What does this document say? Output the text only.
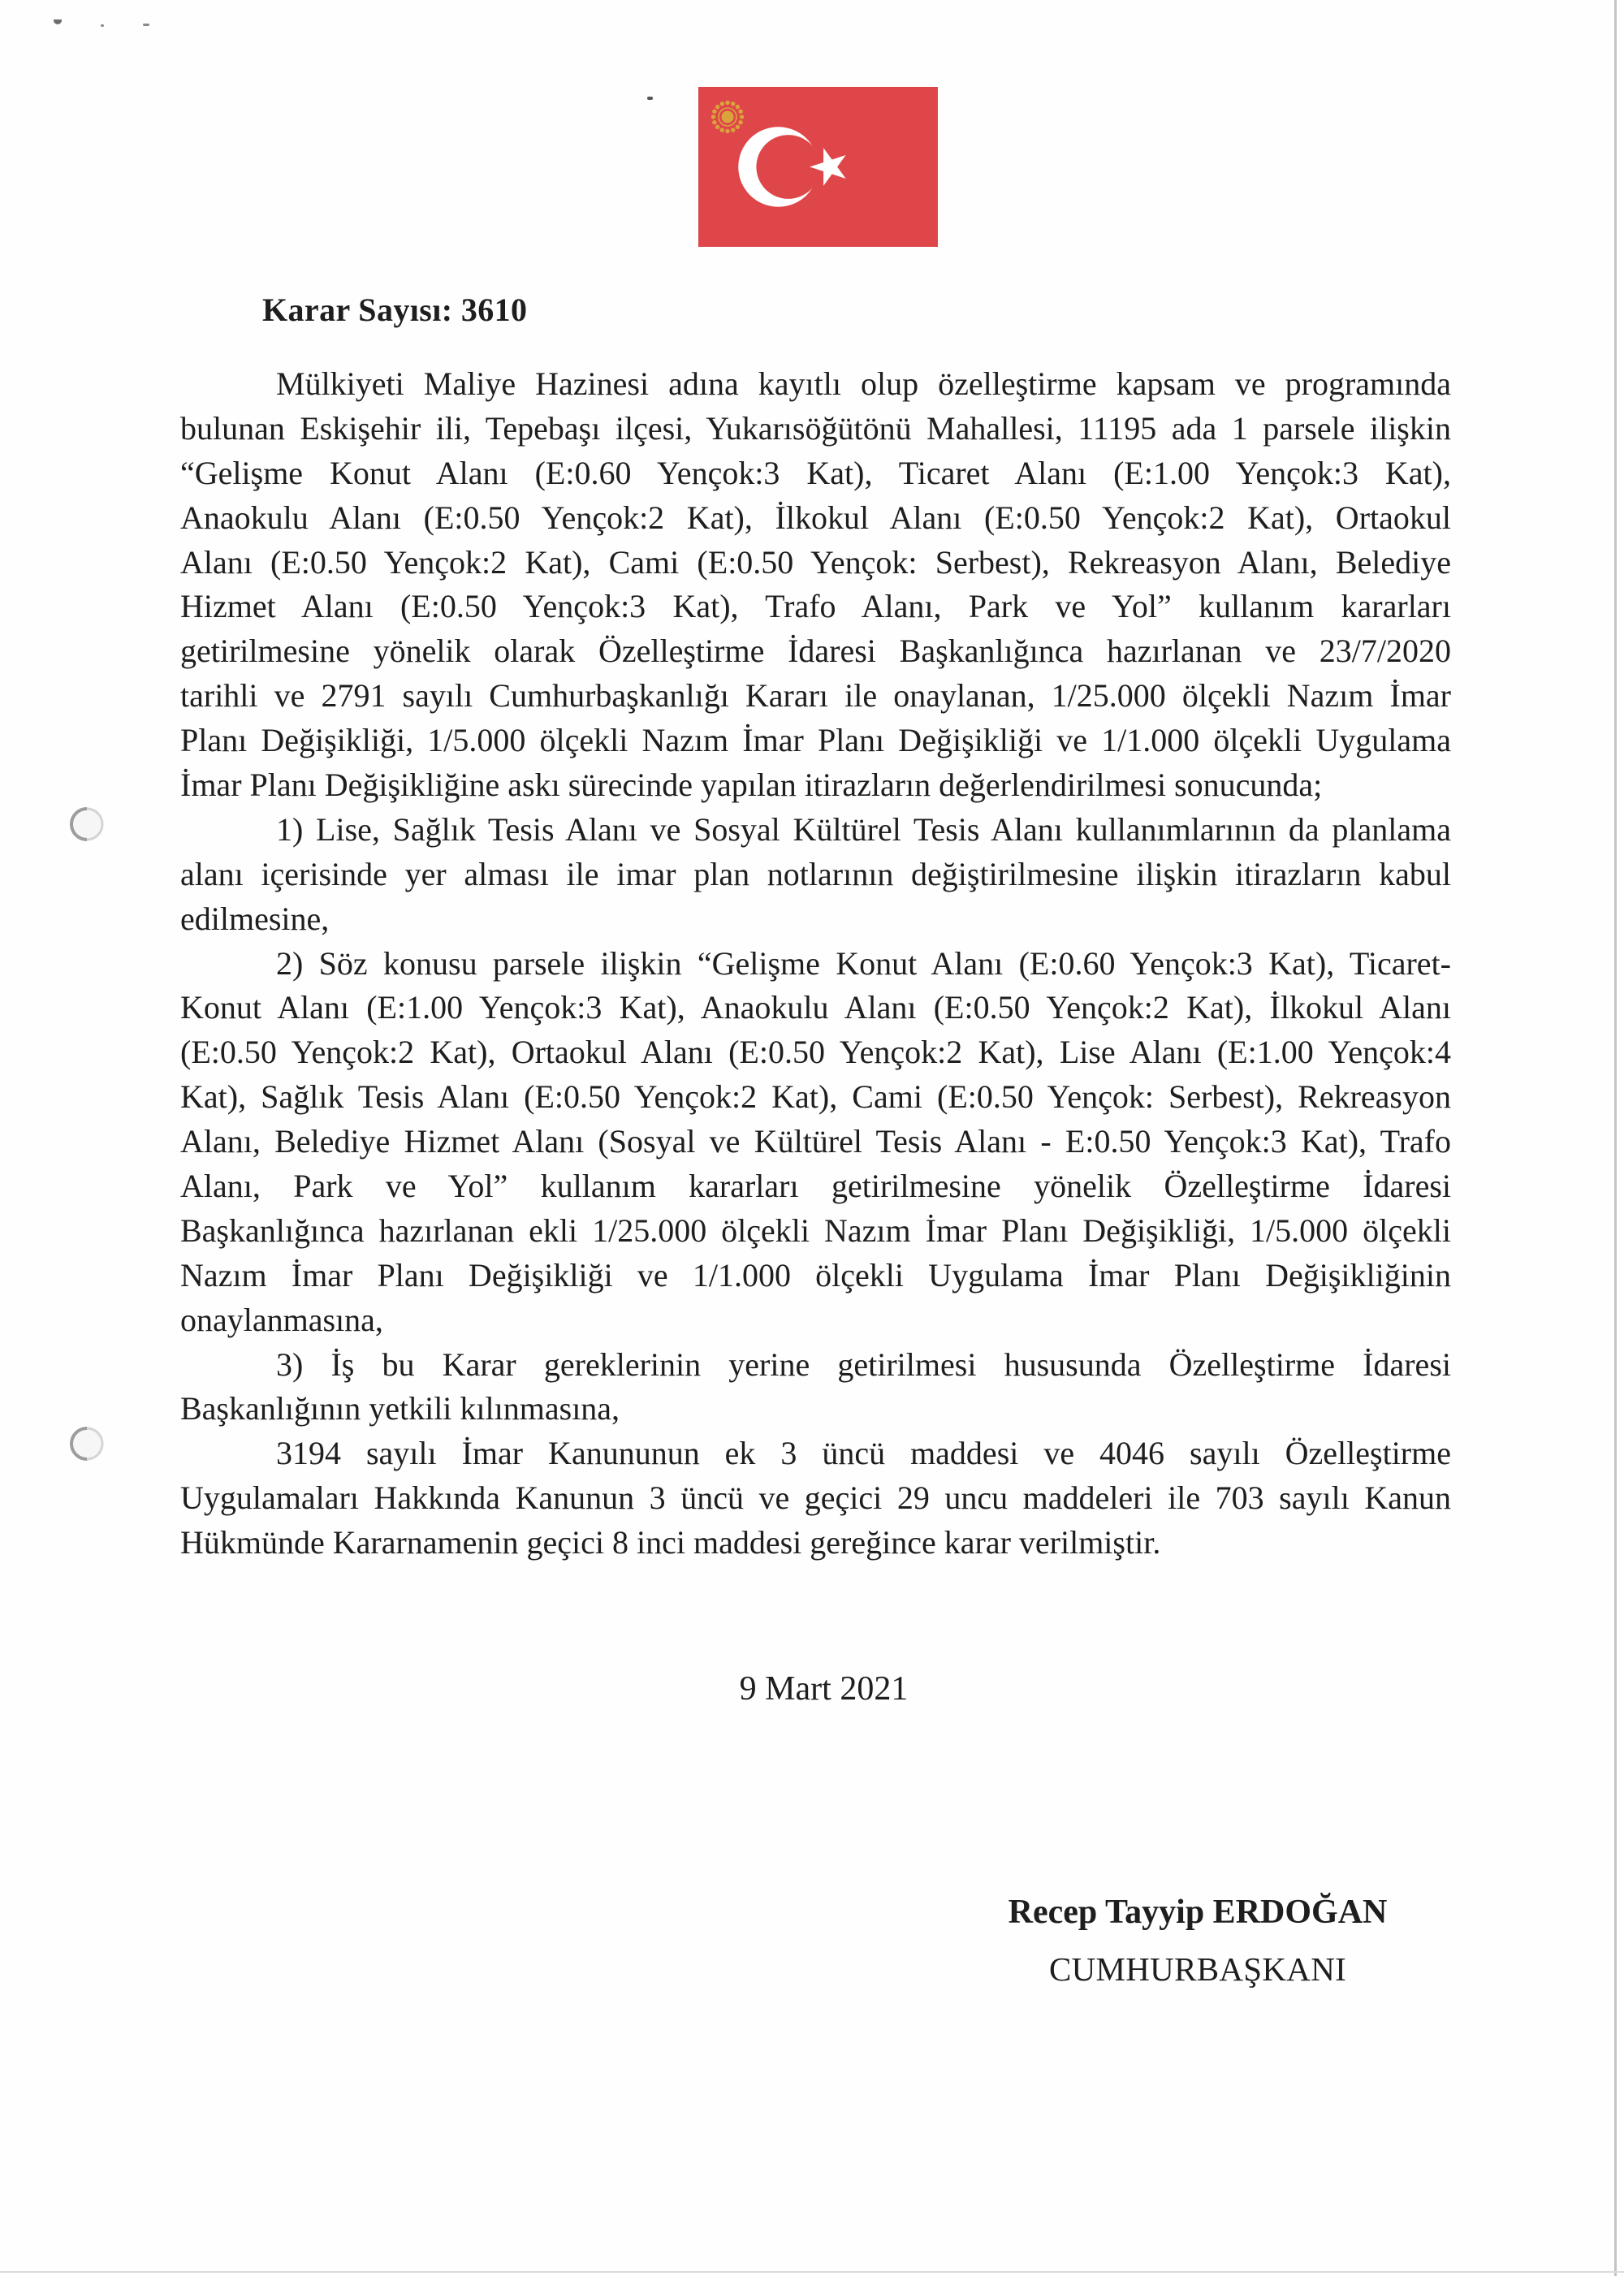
Karar Sayısı: 3610
Mülkiyeti Maliye Hazinesi adına kayıtlı olup özelleştirme kapsam ve programında
bulunan Eskişehir ili, Tepebaşı ilçesi, Yukarısöğütönü Mahallesi, 11195 ada 1 parsele ilişkin
“Gelişme Konut Alanı (E:0.60 Yençok:3 Kat), Ticaret Alanı (E:1.00 Yençok:3 Kat),
Anaokulu Alanı (E:0.50 Yençok:2 Kat), İlkokul Alanı (E:0.50 Yençok:2 Kat), Ortaokul
Alanı (E:0.50 Yençok:2 Kat), Cami (E:0.50 Yençok: Serbest), Rekreasyon Alanı, Belediye
Hizmet Alanı (E:0.50 Yençok:3 Kat), Trafo Alanı, Park ve Yol” kullanım kararları
getirilmesine yönelik olarak Özelleştirme İdaresi Başkanlığınca hazırlanan ve 23/7/2020
tarihli ve 2791 sayılı Cumhurbaşkanlığı Kararı ile onaylanan, 1/25.000 ölçekli Nazım İmar
Planı Değişikliği, 1/5.000 ölçekli Nazım İmar Planı Değişikliği ve 1/1.000 ölçekli Uygulama
İmar Planı Değişikliğine askı sürecinde yapılan itirazların değerlendirilmesi sonucunda;
1) Lise, Sağlık Tesis Alanı ve Sosyal Kültürel Tesis Alanı kullanımlarının da planlama
alanı içerisinde yer alması ile imar plan notlarının değiştirilmesine ilişkin itirazların kabul
edilmesine,
2) Söz konusu parsele ilişkin “Gelişme Konut Alanı (E:0.60 Yençok:3 Kat), Ticaret-
Konut Alanı (E:1.00 Yençok:3 Kat), Anaokulu Alanı (E:0.50 Yençok:2 Kat), İlkokul Alanı
(E:0.50 Yençok:2 Kat), Ortaokul Alanı (E:0.50 Yençok:2 Kat), Lise Alanı (E:1.00 Yençok:4
Kat), Sağlık Tesis Alanı (E:0.50 Yençok:2 Kat), Cami (E:0.50 Yençok: Serbest), Rekreasyon
Alanı, Belediye Hizmet Alanı (Sosyal ve Kültürel Tesis Alanı - E:0.50 Yençok:3 Kat), Trafo
Alanı, Park ve Yol” kullanım kararları getirilmesine yönelik Özelleştirme İdaresi
Başkanlığınca hazırlanan ekli 1/25.000 ölçekli Nazım İmar Planı Değişikliği, 1/5.000 ölçekli
Nazım İmar Planı Değişikliği ve 1/1.000 ölçekli Uygulama İmar Planı Değişikliğinin
onaylanmasına,
3) İş bu Karar gereklerinin yerine getirilmesi hususunda Özelleştirme İdaresi
Başkanlığının yetkili kılınmasına,
3194 sayılı İmar Kanununun ek 3 üncü maddesi ve 4046 sayılı Özelleştirme
Uygulamaları Hakkında Kanunun 3 üncü ve geçici 29 uncu maddeleri ile 703 sayılı Kanun
Hükmünde Kararnamenin geçici 8 inci maddesi gereğince karar verilmiştir.
9 Mart 2021
Recep Tayyip ERDOĞAN
CUMHURBAŞKANI
